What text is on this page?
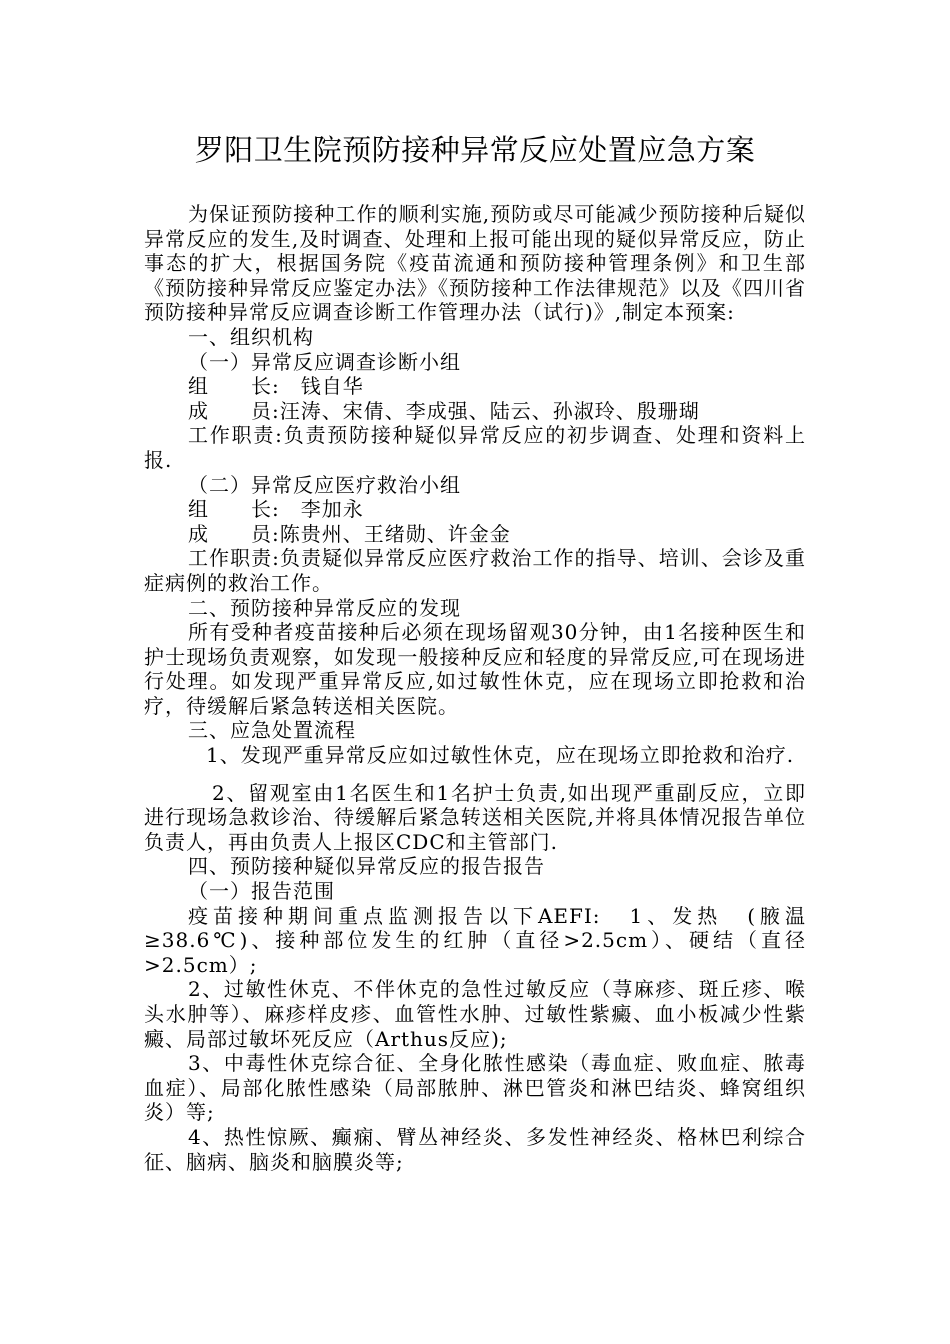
罗阳卫生院预防接种异常反应处置应急方案

为保证预防接种工作的顺利实施,预防或尽可能减少预防接种后疑似异常反应的发生,及时调查、处理和上报可能出现的疑似异常反应，防止事态的扩大，根据国务院《疫苗流通和预防接种管理条例》和卫生部《预防接种异常反应鉴定办法》《预防接种工作法律规范》以及《四川省预防接种异常反应调查诊断工作管理办法（试行)》,制定本预案:

一、组织机构

（一）异常反应调查诊断小组

组　　长:　钱自华

成　　员:汪涛、宋倩、李成强、陆云、孙淑玲、殷珊瑚

工作职责:负责预防接种疑似异常反应的初步调查、处理和资料上报.

（二）异常反应医疗救治小组

组　　长:　李加永

成　　员:陈贵州、王绪勋、许金金

工作职责:负责疑似异常反应医疗救治工作的指导、培训、会诊及重症病例的救治工作。

二、预防接种异常反应的发现

所有受种者疫苗接种后必须在现场留观30分钟，由1名接种医生和护士现场负责观察，如发现一般接种反应和轻度的异常反应,可在现场进行处理。如发现严重异常反应,如过敏性休克，应在现场立即抢救和治疗，待缓解后紧急转送相关医院。

三、应急处置流程

1、发现严重异常反应如过敏性休克，应在现场立即抢救和治疗.

2、留观室由1名医生和1名护士负责,如出现严重副反应，立即进行现场急救诊治、待缓解后紧急转送相关医院,并将具体情况报告单位负责人，再由负责人上报区CDC和主管部门.

四、预防接种疑似异常反应的报告报告

（一）报告范围

疫苗接种期间重点监测报告以下AEFI:　1、发热　(腋温≥38.6℃)、接种部位发生的红肿（直径>2.5cm）、硬结（直径>2.5cm）;

2、过敏性休克、不伴休克的急性过敏反应（荨麻疹、斑丘疹、喉头水肿等）、麻疹样皮疹、血管性水肿、过敏性紫癜、血小板减少性紫癜、局部过敏坏死反应（Arthus反应);

3、中毒性休克综合征、全身化脓性感染（毒血症、败血症、脓毒血症）、局部化脓性感染（局部脓肿、淋巴管炎和淋巴结炎、蜂窝组织炎）等;

4、热性惊厥、癫痫、臂丛神经炎、多发性神经炎、格林巴利综合征、脑病、脑炎和脑膜炎等;
